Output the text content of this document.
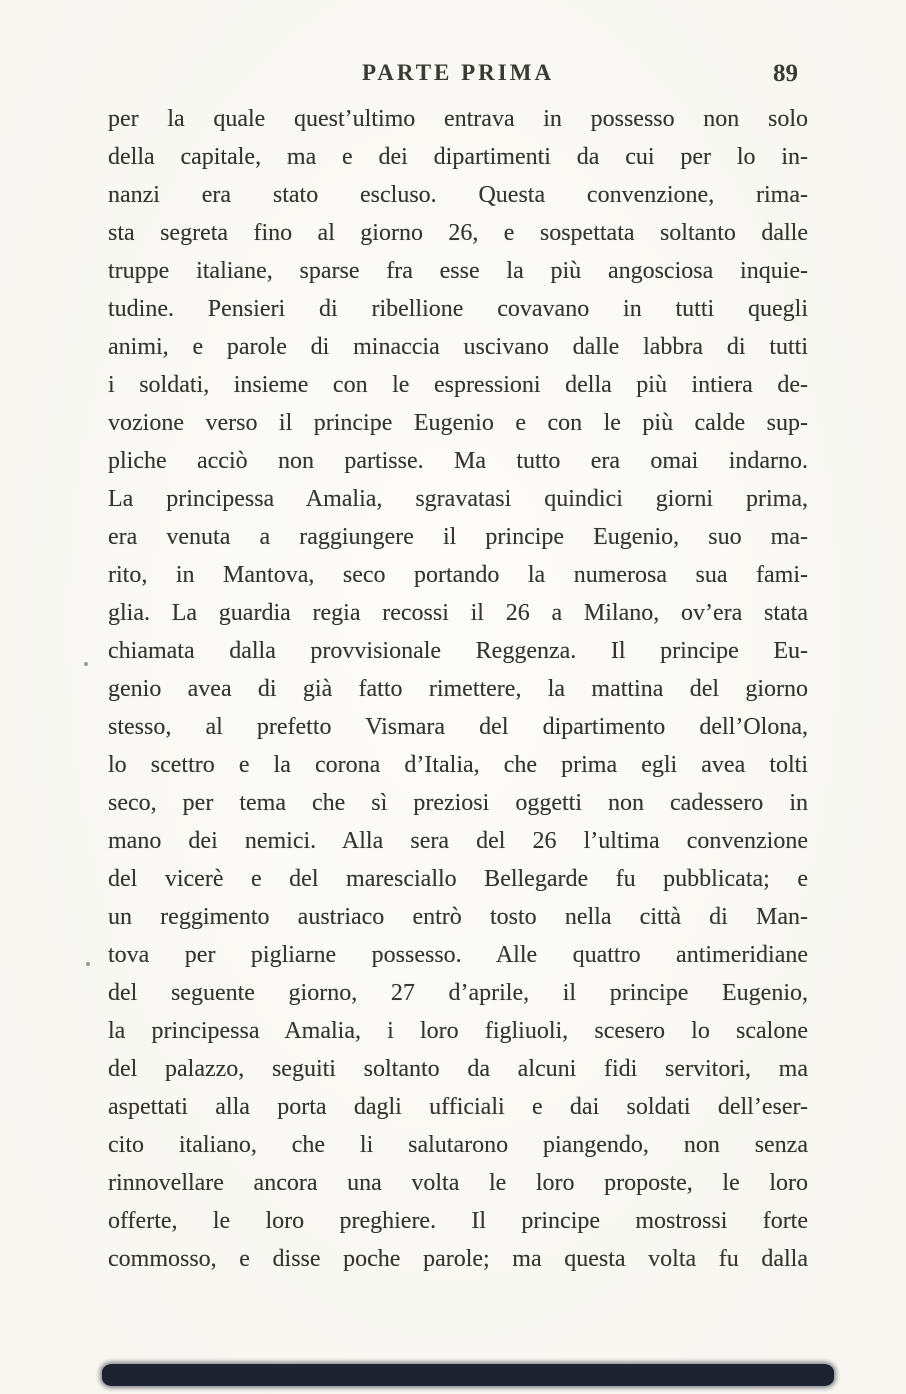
PARTE PRIMA	89
per la quale quest’ultimo entrava in possesso non solo
della capitale, ma e dei dipartimenti da cui per lo in-
nanzi era stato escluso. Questa convenzione, rima-
sta segreta fino al giorno 26, e sospettata soltanto dalle
truppe italiane, sparse fra esse la più angosciosa inquie-
tudine. Pensieri di ribellione covavano in tutti quegli
animi, e parole di minaccia uscivano dalle labbra di tutti
i soldati, insieme con le espressioni della più intiera de-
vozione verso il principe Eugenio e con le più calde sup-
pliche acciò non partisse. Ma tutto era omai indarno.
La principessa Amalia, sgravatasi quindici giorni prima,
era venuta a raggiungere il principe Eugenio, suo ma-
rito, in Mantova, seco portando la numerosa sua fami-
glia. La guardia regia recossi il 26 a Milano, ov’era stata
chiamata dalla provvisionale Reggenza. Il principe Eu-
genio avea di già fatto rimettere, la mattina del giorno
stesso, al prefetto Vismara del dipartimento dell’Olona,
lo scettro e la corona d’Italia, che prima egli avea tolti
seco, per tema che sì preziosi oggetti non cadessero in
mano dei nemici. Alla sera del 26 l’ultima convenzione
del vicerè e del maresciallo Bellegarde fu pubblicata; e
un reggimento austriaco entrò tosto nella città di Man-
tova per pigliarne possesso. Alle quattro antimeridiane
del seguente giorno, 27 d’aprile, il principe Eugenio,
la principessa Amalia, i loro figliuoli, scesero lo scalone
del palazzo, seguiti soltanto da alcuni fidi servitori, ma
aspettati alla porta dagli ufficiali e dai soldati dell’eser-
cito italiano, che li salutarono piangendo, non senza
rinnovellare ancora una volta le loro proposte, le loro
offerte, le loro preghiere. Il principe mostrossi forte
commosso, e disse poche parole; ma questa volta fu dalla
